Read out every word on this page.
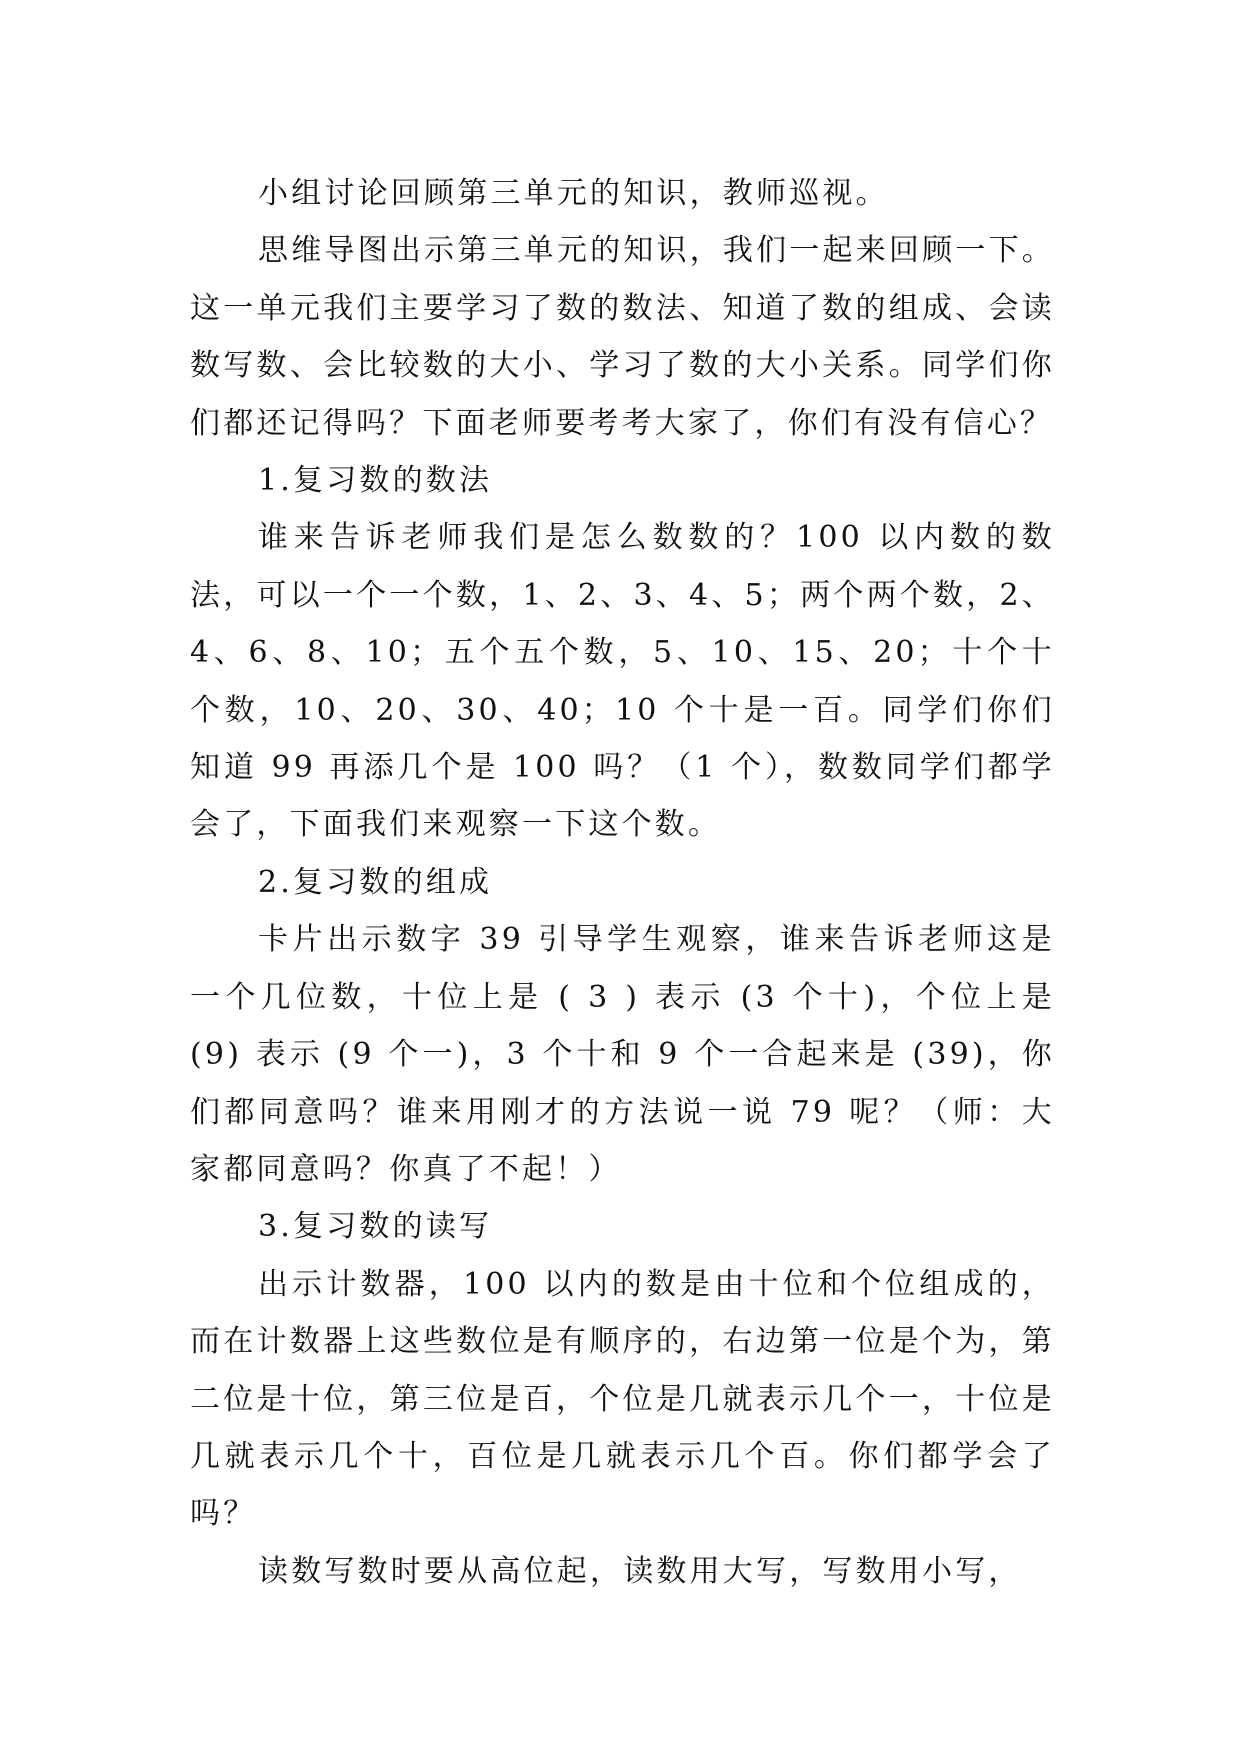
小组讨论回顾第三单元的知识，教师巡视。

思维导图出示第三单元的知识，我们一起来回顾一下。这一单元我们主要学习了数的数法、知道了数的组成、会读数写数、会比较数的大小、学习了数的大小关系。同学们你们都还记得吗？下面老师要考考大家了，你们有没有信心？

1.复习数的数法

谁来告诉老师我们是怎么数数的？100 以内数的数法，可以一个一个数，1、2、3、4、5；两个两个数，2、4、6、8、10；五个五个数，5、10、15、20；十个十个数，10、20、30、40；10 个十是一百。同学们你们知道 99 再添几个是 100 吗？（1 个），数数同学们都学会了，下面我们来观察一下这个数。

2.复习数的组成

卡片出示数字 39 引导学生观察，谁来告诉老师这是一个几位数，十位上是 ( 3 ) 表示 (3 个十)，个位上是 (9) 表示 (9 个一)，3 个十和 9 个一合起来是 (39)，你们都同意吗？谁来用刚才的方法说一说 79 呢？（师：大家都同意吗？你真了不起！）

3.复习数的读写

出示计数器，100 以内的数是由十位和个位组成的，而在计数器上这些数位是有顺序的，右边第一位是个为，第二位是十位，第三位是百，个位是几就表示几个一，十位是几就表示几个十，百位是几就表示几个百。你们都学会了吗？

读数写数时要从高位起，读数用大写，写数用小写，
